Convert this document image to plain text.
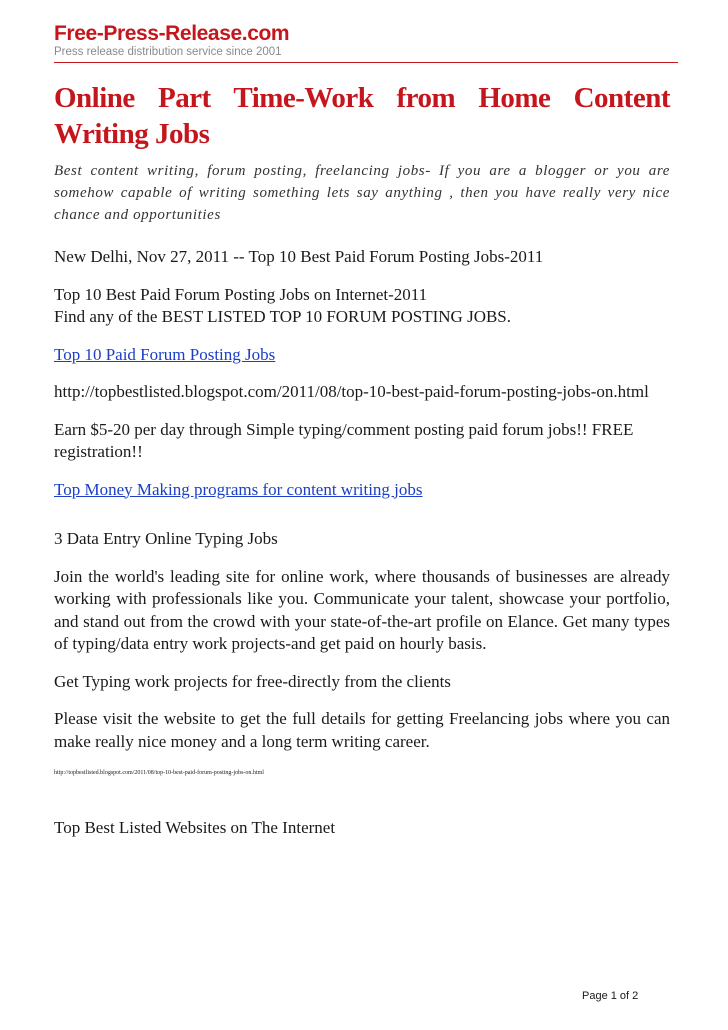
Free-Press-Release.com
Press release distribution service since 2001
Online Part Time-Work from Home Content Writing Jobs

Best content writing, forum posting, freelancing jobs- If you are a blogger or you are somehow capable of writing something lets say anything , then you have really very nice chance and opportunities

New Delhi, Nov 27, 2011 -- Top 10 Best Paid Forum Posting Jobs-2011

Top 10 Best Paid Forum Posting Jobs on Internet-2011
Find any of the BEST LISTED TOP 10 FORUM POSTING JOBS.

Top 10 Paid Forum Posting Jobs

http://topbestlisted.blogspot.com/2011/08/top-10-best-paid-forum-posting-jobs-on.html

Earn $5-20 per day through Simple typing/comment posting paid forum jobs!! FREE registration!!

Top Money Making programs for content writing jobs

3 Data Entry Online Typing Jobs

Join the world's leading site for online work, where thousands of businesses are already working with professionals like you. Communicate your talent, showcase your portfolio, and stand out from the crowd with your state-of-the-art profile on Elance. Get many types of typing/data entry work projects-and get paid on hourly basis.

Get Typing work projects for free-directly from the clients

Please visit the website to get the full details for getting Freelancing jobs where you can make really nice money and a long term writing career.

http://topbestlisted.blogspot.com/2011/08/top-10-best-paid-forum-posting-jobs-on.html

Top Best Listed Websites on The Internet

Page 1 of 2
